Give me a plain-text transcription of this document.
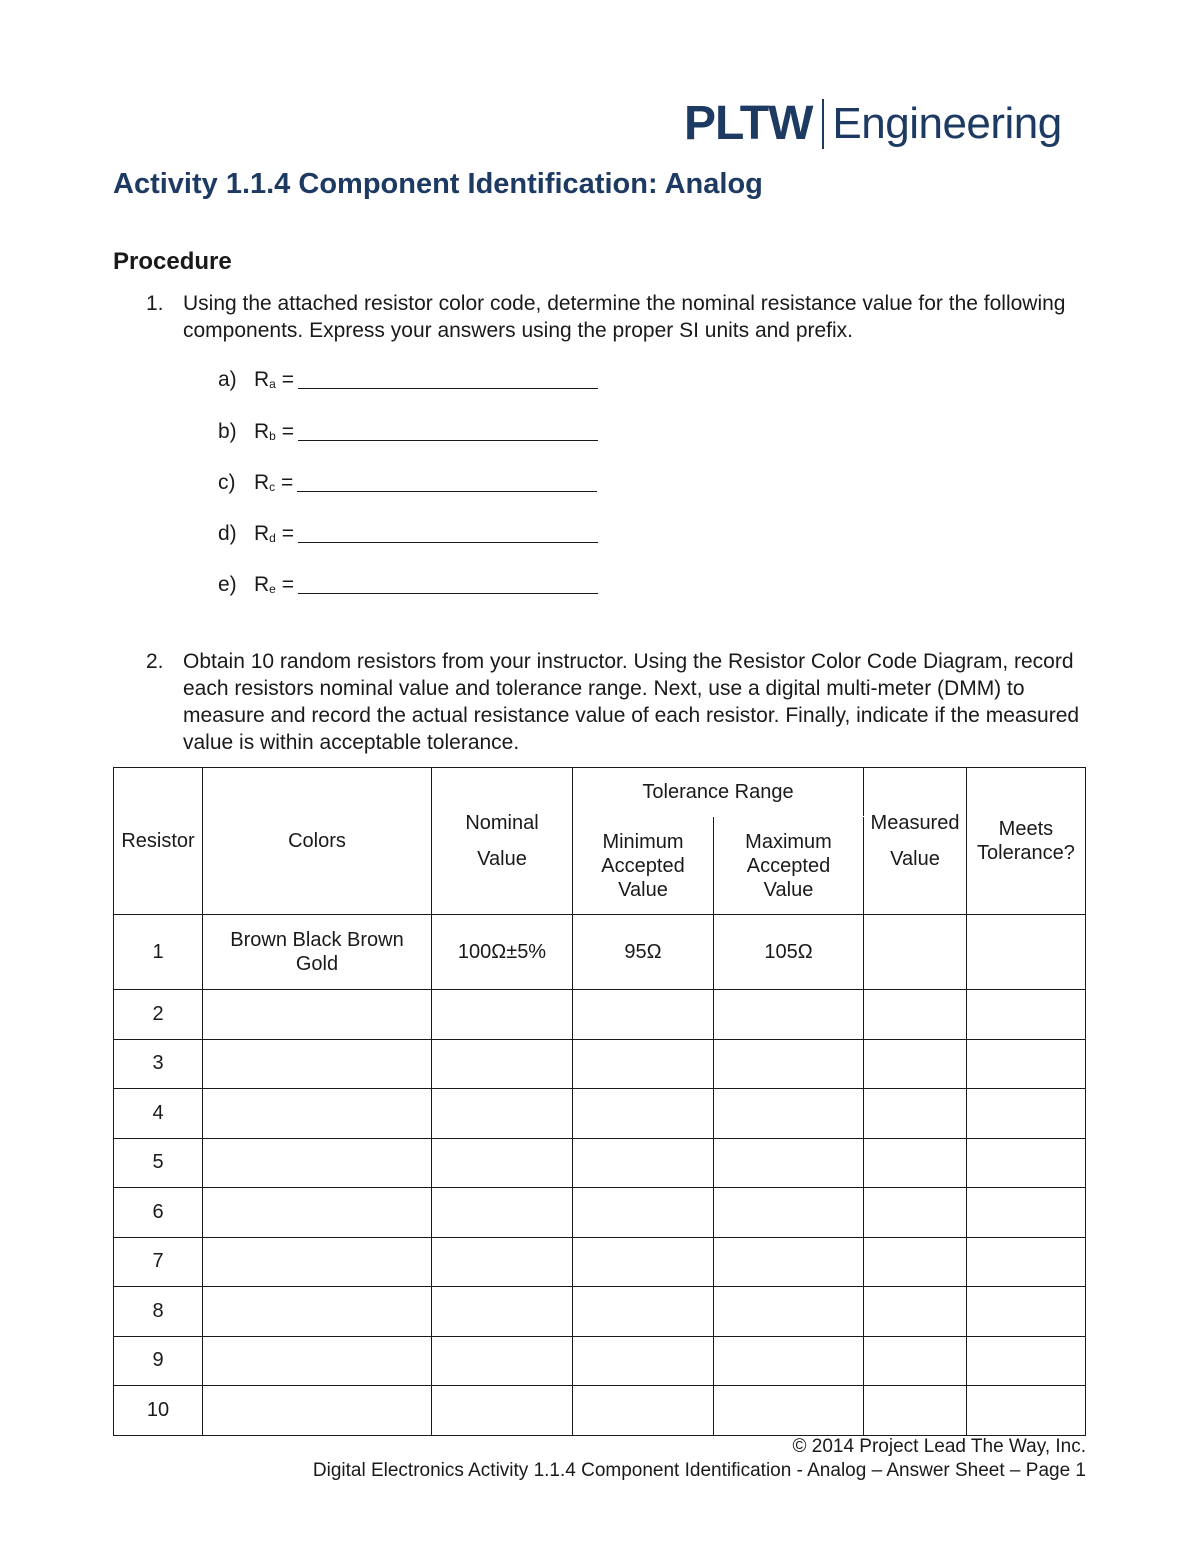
PLTW Engineering
Activity 1.1.4 Component Identification: Analog
Procedure
1. Using the attached resistor color code, determine the nominal resistance value for the following components. Express your answers using the proper SI units and prefix.

a) $R_a$ =
b) $R_b$ =
c) $R_c$ =
d) $R_d$ =
e) $R_e$ =
2. Obtain 10 random resistors from your instructor. Using the Resistor Color Code Diagram, record each resistors nominal value and tolerance range. Next, use a digital multi-meter (DMM) to measure and record the actual resistance value of each resistor. Finally, indicate if the measured value is within acceptable tolerance.

Resistor	Colors	Nominal Value	Tolerance Range		Measured Value	Meets Tolerance?
			Minimum Accepted Value	Maximum Accepted Value		
1	Brown Black Brown Gold	100Ω±5%	95Ω	105Ω		
2						
3						
4						
5						
6						
7						
8						
9						
10						
© 2014 Project Lead The Way, Inc.
Digital Electronics Activity 1.1.4 Component Identification - Analog – Answer Sheet – Page 1
